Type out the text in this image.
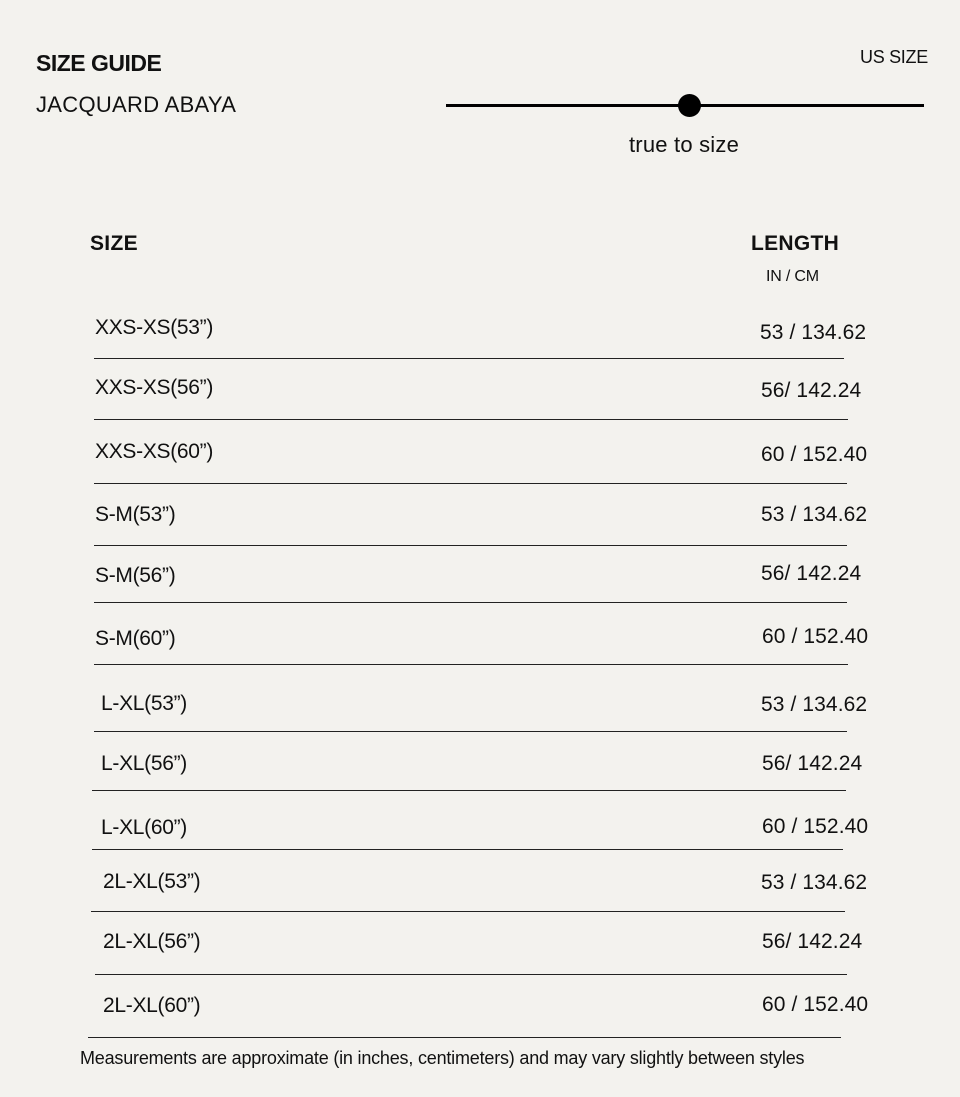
SIZE GUIDE
JACQUARD ABAYA
US SIZE
true to size
SIZE	LENGTH
IN / CM
XXS-XS(53”)	53 / 134.62
XXS-XS(56”)	56/ 142.24
XXS-XS(60”)	60 / 152.40
S-M(53”)	53 / 134.62
S-M(56”)	56/ 142.24
S-M(60”)	60 / 152.40
L-XL(53”)	53 / 134.62
L-XL(56”)	56/ 142.24
L-XL(60”)	60 / 152.40
2L-XL(53”)	53 / 134.62
2L-XL(56”)	56/ 142.24
2L-XL(60”)	60 / 152.40
Measurements are approximate (in inches, centimeters) and may vary slightly between styles
